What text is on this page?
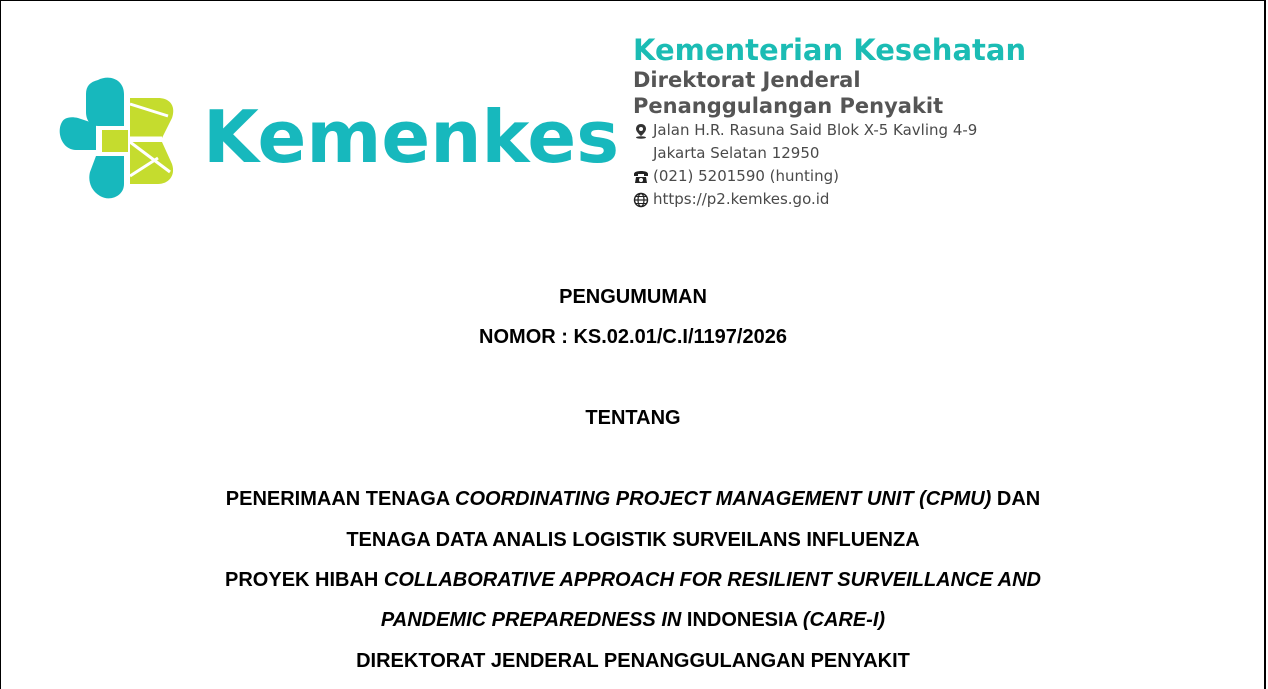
Kemenkes
Kementerian Kesehatan
Direktorat Jenderal
Penanggulangan Penyakit
Jalan H.R. Rasuna Said Blok X-5 Kavling 4-9
Jakarta Selatan 12950
(021) 5201590 (hunting)
https://p2.kemkes.go.id
PENGUMUMAN
NOMOR : KS.02.01/C.I/1197/2026
TENTANG
PENERIMAAN TENAGA COORDINATING PROJECT MANAGEMENT UNIT (CPMU) DAN
TENAGA DATA ANALIS LOGISTIK SURVEILANS INFLUENZA
PROYEK HIBAH COLLABORATIVE APPROACH FOR RESILIENT SURVEILLANCE AND
PANDEMIC PREPAREDNESS IN INDONESIA (CARE-I)
DIREKTORAT JENDERAL PENANGGULANGAN PENYAKIT
